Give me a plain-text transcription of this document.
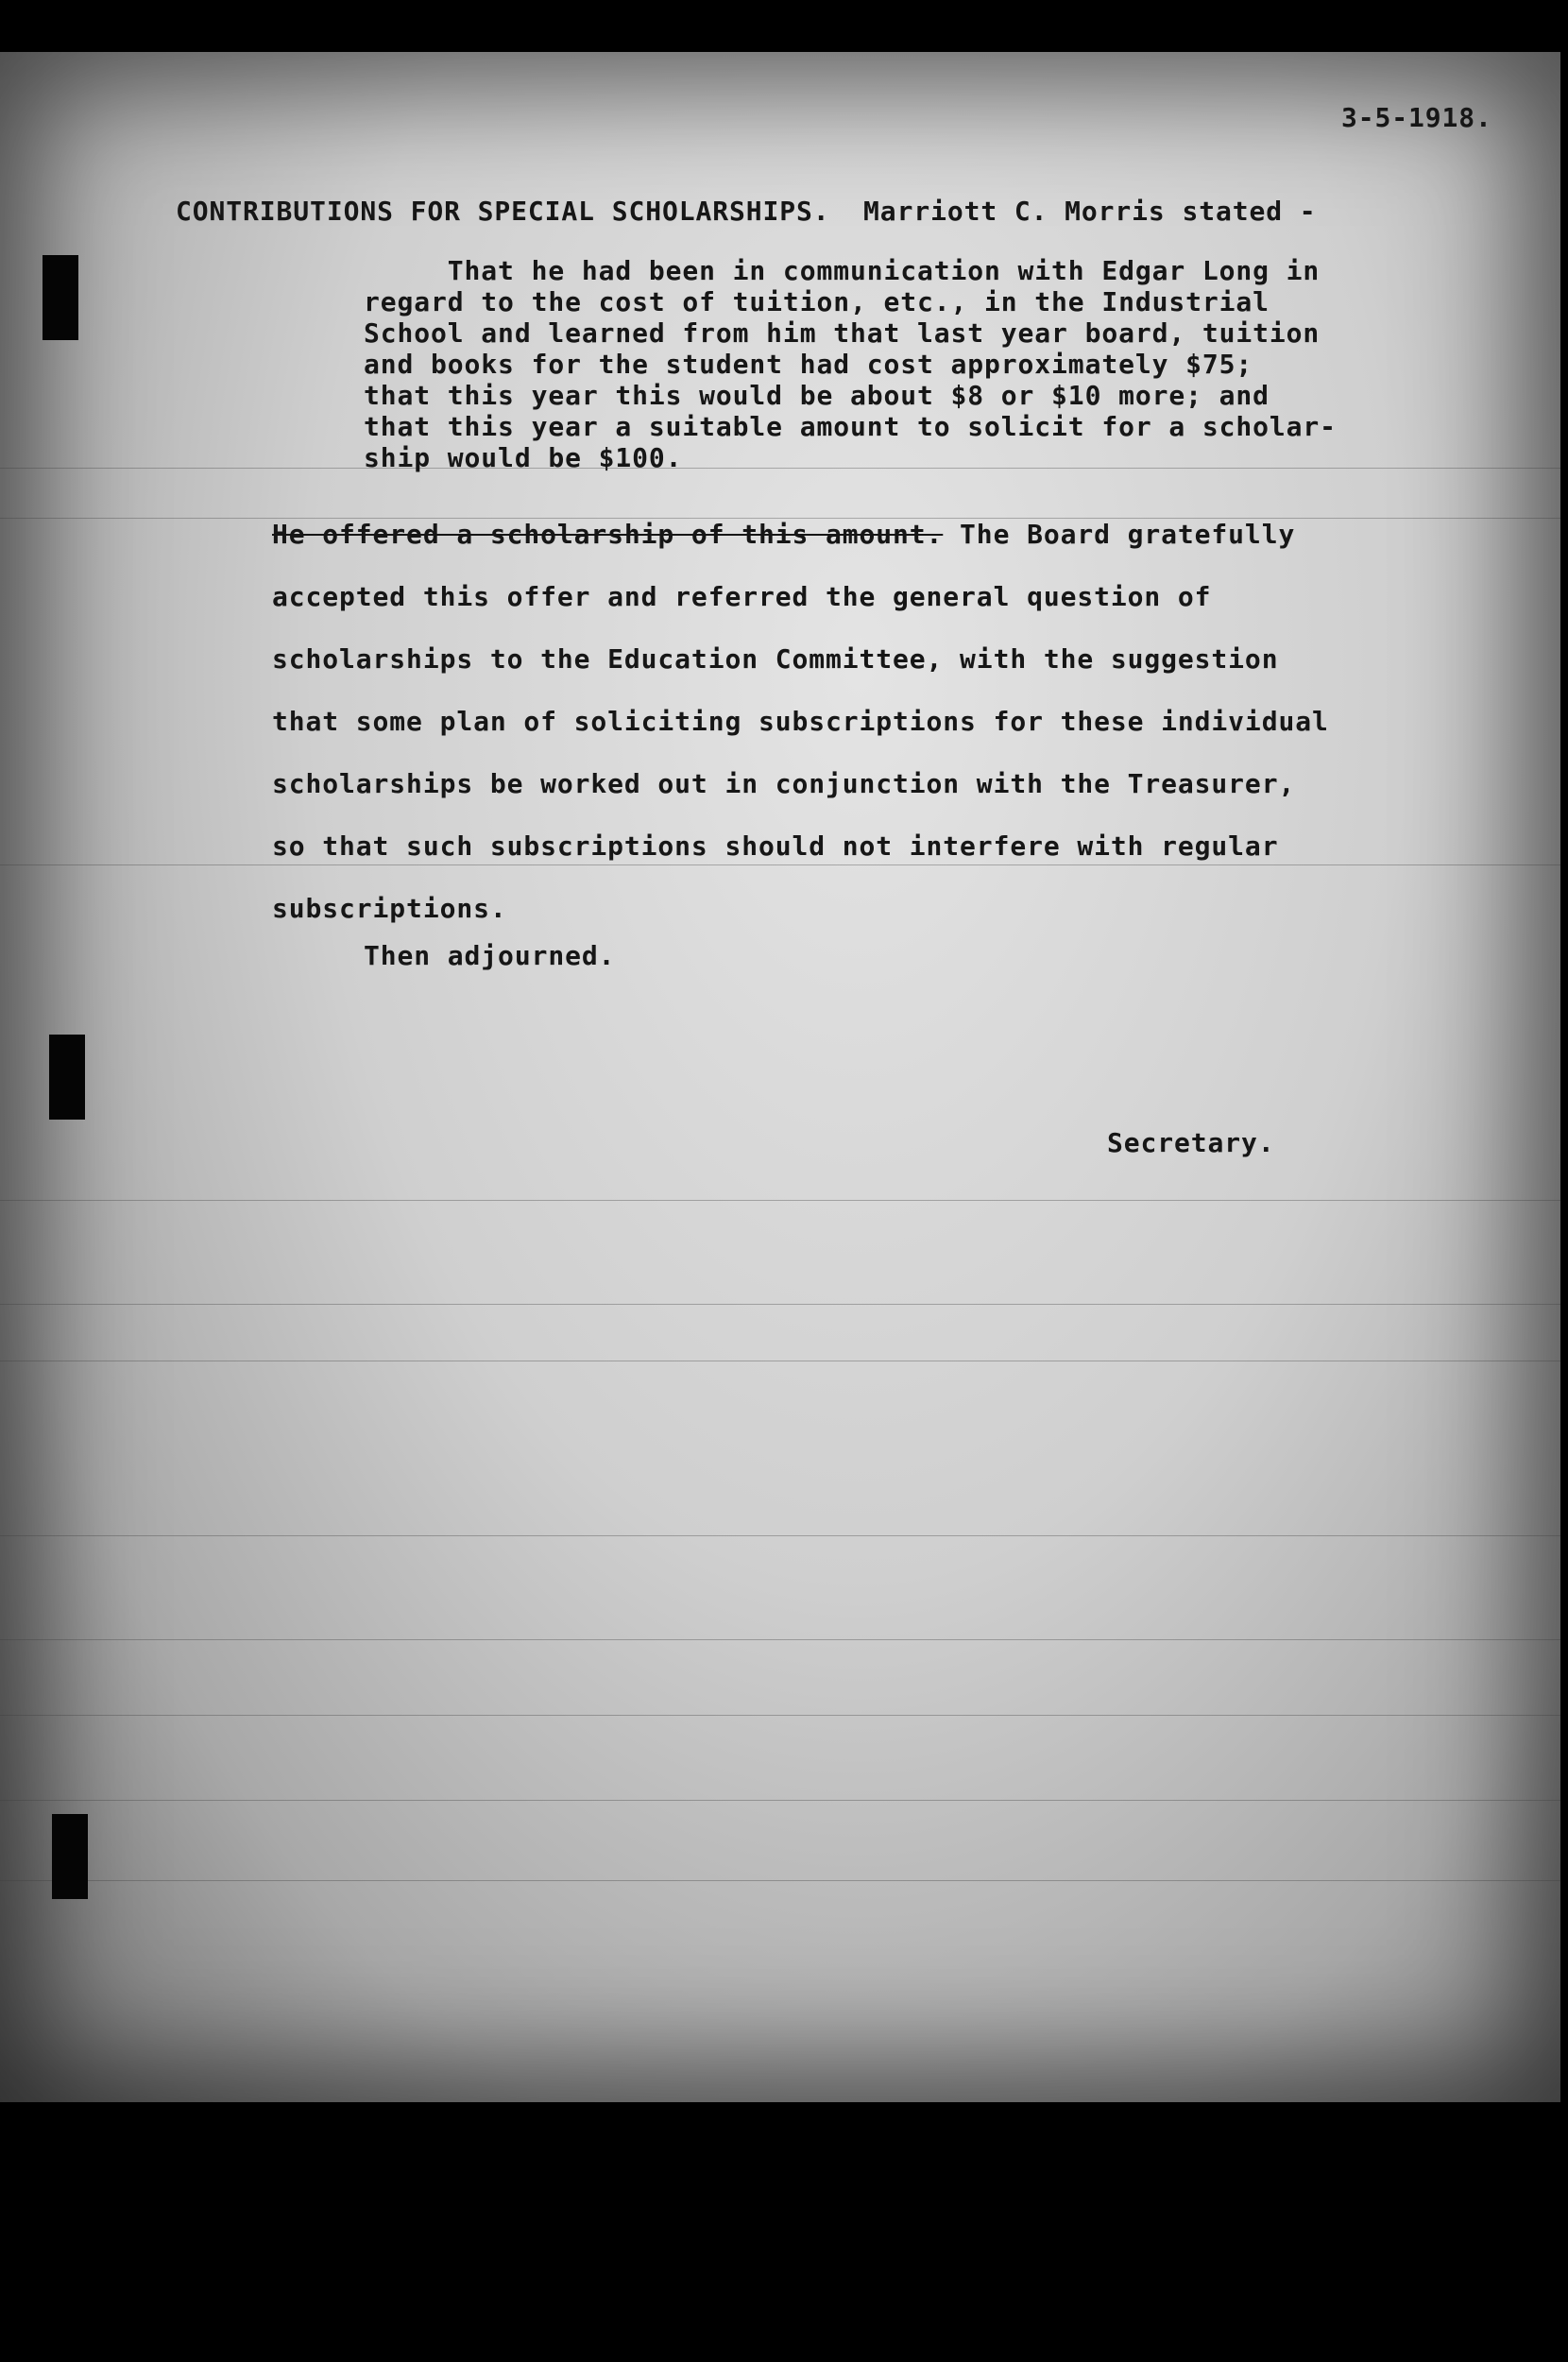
3-5-1918.
CONTRIBUTIONS FOR SPECIAL SCHOLARSHIPS.  Marriott C. Morris stated -
That he had been in communication with Edgar Long in
regard to the cost of tuition, etc., in the Industrial
School and learned from him that last year board, tuition
and books for the student had cost approximately $75;
that this year this would be about $8 or $10 more; and
that this year a suitable amount to solicit for a scholar-
ship would be $100.
He offered a scholarship of this amount. The Board gratefully
accepted this offer and referred the general question of
scholarships to the Education Committee, with the suggestion
that some plan of soliciting subscriptions for these individual
scholarships be worked out in conjunction with the Treasurer,
so that such subscriptions should not interfere with regular
subscriptions.
Then adjourned.
Secretary.
